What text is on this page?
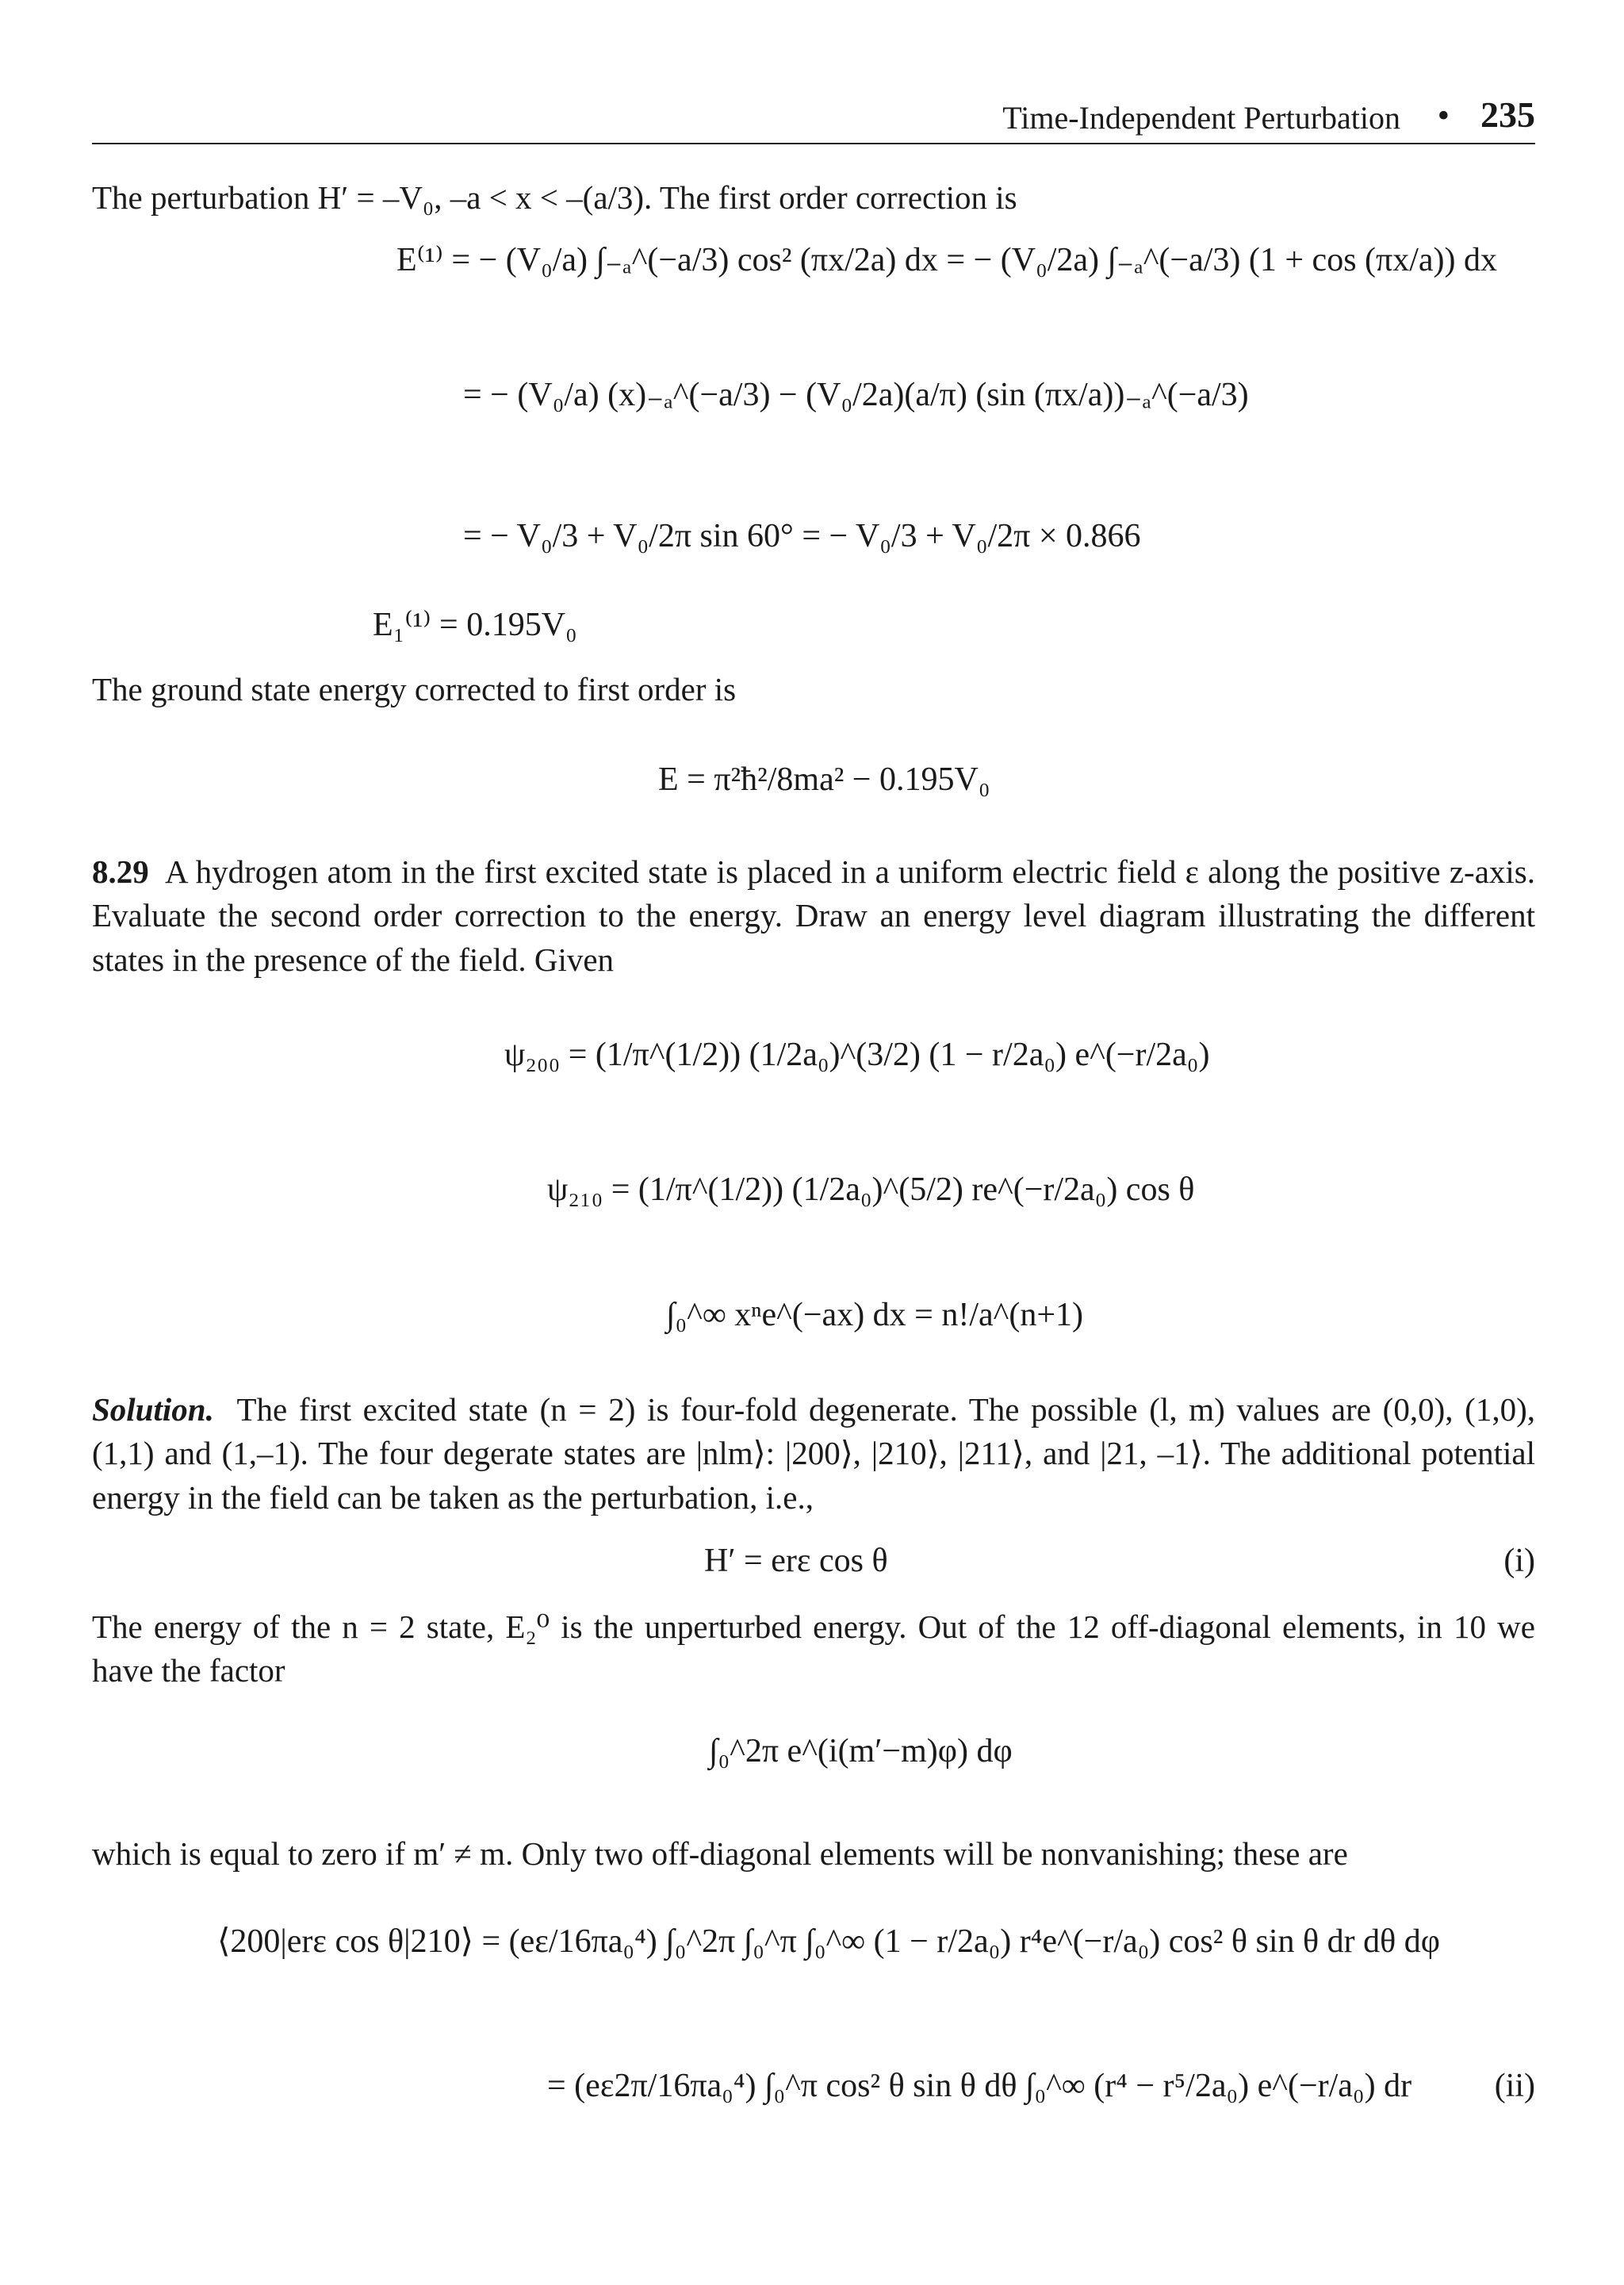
Time-Independent Perturbation • 235
The perturbation H′ = –V₀, –a < x < –(a/3). The first order correction is
E⁽¹⁾ = − (V₀/a) ∫₋ₐ^(−a/3) cos² (πx/2a) dx = − (V₀/2a) ∫₋ₐ^(−a/3) (1 + cos (πx/a)) dx
= − (V₀/a) (x)₋ₐ^(−a/3) − (V₀/2a)(a/π) (sin (πx/a))₋ₐ^(−a/3)
= − V₀/3 + V₀/2π sin 60° = − V₀/3 + V₀/2π × 0.866
E₁⁽¹⁾ = 0.195V₀
The ground state energy corrected to first order is
E = π²ħ²/8ma² − 0.195V₀
8.29 A hydrogen atom in the first excited state is placed in a uniform electric field ε along the positive z-axis. Evaluate the second order correction to the energy. Draw an energy level diagram illustrating the different states in the presence of the field. Given
ψ₂₀₀ = (1/π^(1/2)) (1/2a₀)^(3/2) (1 − r/2a₀) e^(−r/2a₀)
ψ₂₁₀ = (1/π^(1/2)) (1/2a₀)^(5/2) re^(−r/2a₀) cos θ
∫₀^∞ xⁿe^(−ax) dx = n!/a^(n+1)
Solution. The first excited state (n = 2) is four-fold degenerate. The possible (l, m) values are (0,0), (1,0), (1,1) and (1,–1). The four degerate states are |nlm⟩: |200⟩, |210⟩, |211⟩, and |21, –1⟩. The additional potential energy in the field can be taken as the perturbation, i.e.,
H′ = erε cos θ	(i)
The energy of the n = 2 state, E₂⁰ is the unperturbed energy. Out of the 12 off-diagonal elements, in 10 we have the factor
∫₀^2π e^(i(m′−m)φ) dφ
which is equal to zero if m′ ≠ m. Only two off-diagonal elements will be nonvanishing; these are
⟨200|erε cos θ|210⟩ = (eε/16πa₀⁴) ∫₀^2π ∫₀^π ∫₀^∞ (1 − r/2a₀) r⁴e^(−r/a₀) cos² θ sin θ dr dθ dφ
= (eε2π/16πa₀⁴) ∫₀^π cos² θ sin θ dθ ∫₀^∞ (r⁴ − r⁵/2a₀) e^(−r/a₀) dr (ii)
